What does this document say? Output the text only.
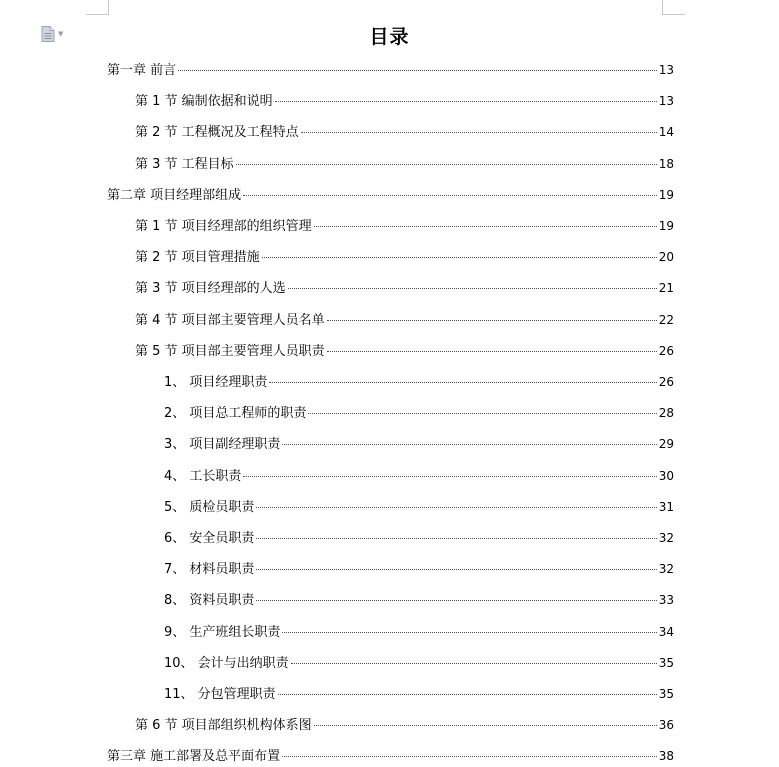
▼	目录
第一章 前言	13
第 1 节 编制依据和说明	13
第 2 节 工程概况及工程特点	14
第 3 节 工程目标	18
第二章 项目经理部组成	19
第 1 节 项目经理部的组织管理	19
第 2 节 项目管理措施	20
第 3 节 项目经理部的人选	21
第 4 节 项目部主要管理人员名单	22
第 5 节 项目部主要管理人员职责	26
1、 项目经理职责	26
2、 项目总工程师的职责	28
3、 项目副经理职责	29
4、 工长职责	30
5、 质检员职责	31
6、 安全员职责	32
7、 材料员职责	32
8、 资料员职责	33
9、 生产班组长职责	34
10、 会计与出纳职责	35
11、 分包管理职责	35
第 6 节 项目部组织机构体系图	36
第三章 施工部署及总平面布置	38
